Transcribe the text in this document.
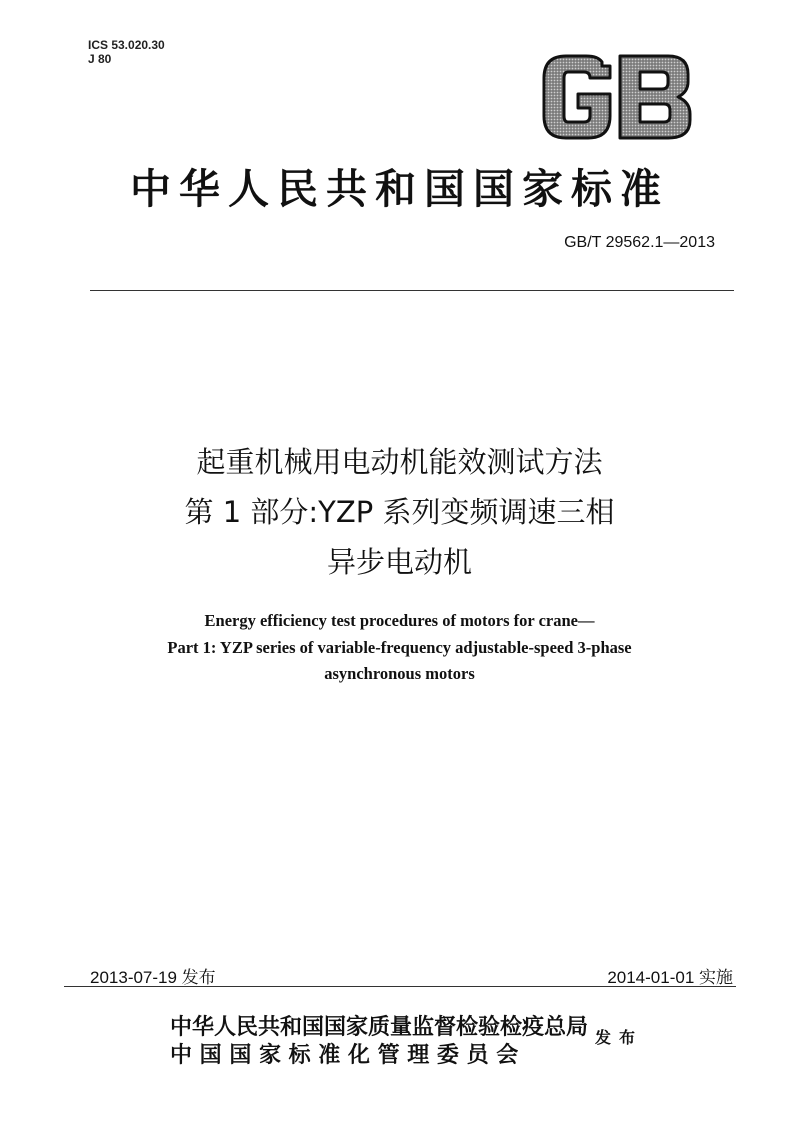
ICS 53.020.30
J 80
中华人民共和国国家标准
GB/T 29562.1—2013
起重机械用电动机能效测试方法
第 1 部分:YZP 系列变频调速三相
异步电动机
Energy efficiency test procedures of motors for crane—
Part 1: YZP series of variable-frequency adjustable-speed 3-phase
asynchronous motors
2013-07-19 发布	2014-01-01 实施
中华人民共和国国家质量监督检验检疫总局
中 国 国 家 标 准 化 管 理 委 员 会
发布
